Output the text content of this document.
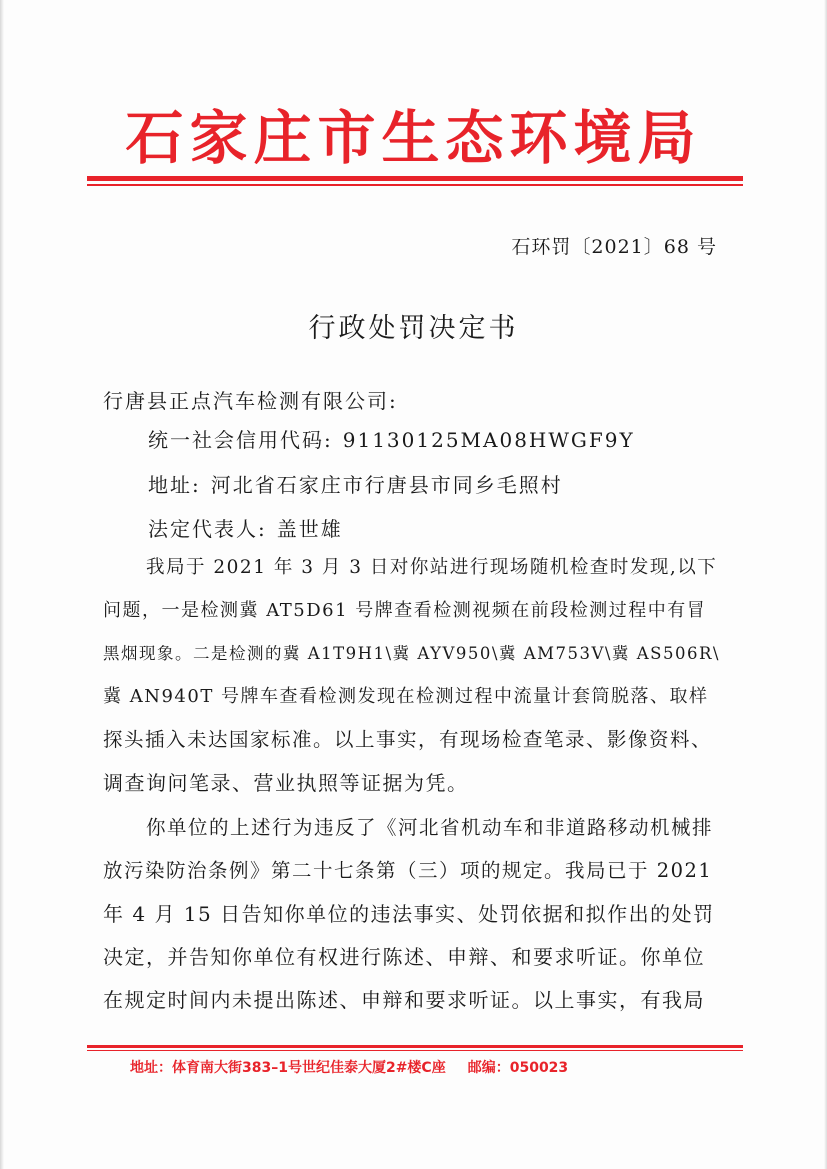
石家庄市生态环境局
石环罚〔2021〕68 号
行政处罚决定书
行唐县正点汽车检测有限公司:
统一社会信用代码: 91130125MA08HWGF9Y
地址: 河北省石家庄市行唐县市同乡毛照村
法定代表人: 盖世雄
我局于 2021 年 3 月 3 日对你站进行现场随机检查时发现,以下
问题，一是检测冀 AT5D61 号牌查看检测视频在前段检测过程中有冒
黑烟现象。二是检测的冀 A1T9H1\冀 AYV950\冀 AM753V\冀 AS506R\
冀 AN940T 号牌车查看检测发现在检测过程中流量计套筒脱落、取样
探头插入未达国家标准。以上事实，有现场检查笔录、影像资料、
调查询问笔录、营业执照等证据为凭。
你单位的上述行为违反了《河北省机动车和非道路移动机械排
放污染防治条例》第二十七条第（三）项的规定。我局已于 2021
年 4 月 15 日告知你单位的违法事实、处罚依据和拟作出的处罚
决定，并告知你单位有权进行陈述、申辩、和要求听证。你单位
在规定时间内未提出陈述、申辩和要求听证。以上事实，有我局
地址：体育南大街383–1号世纪佳泰大厦2#楼C座 邮编：050023
